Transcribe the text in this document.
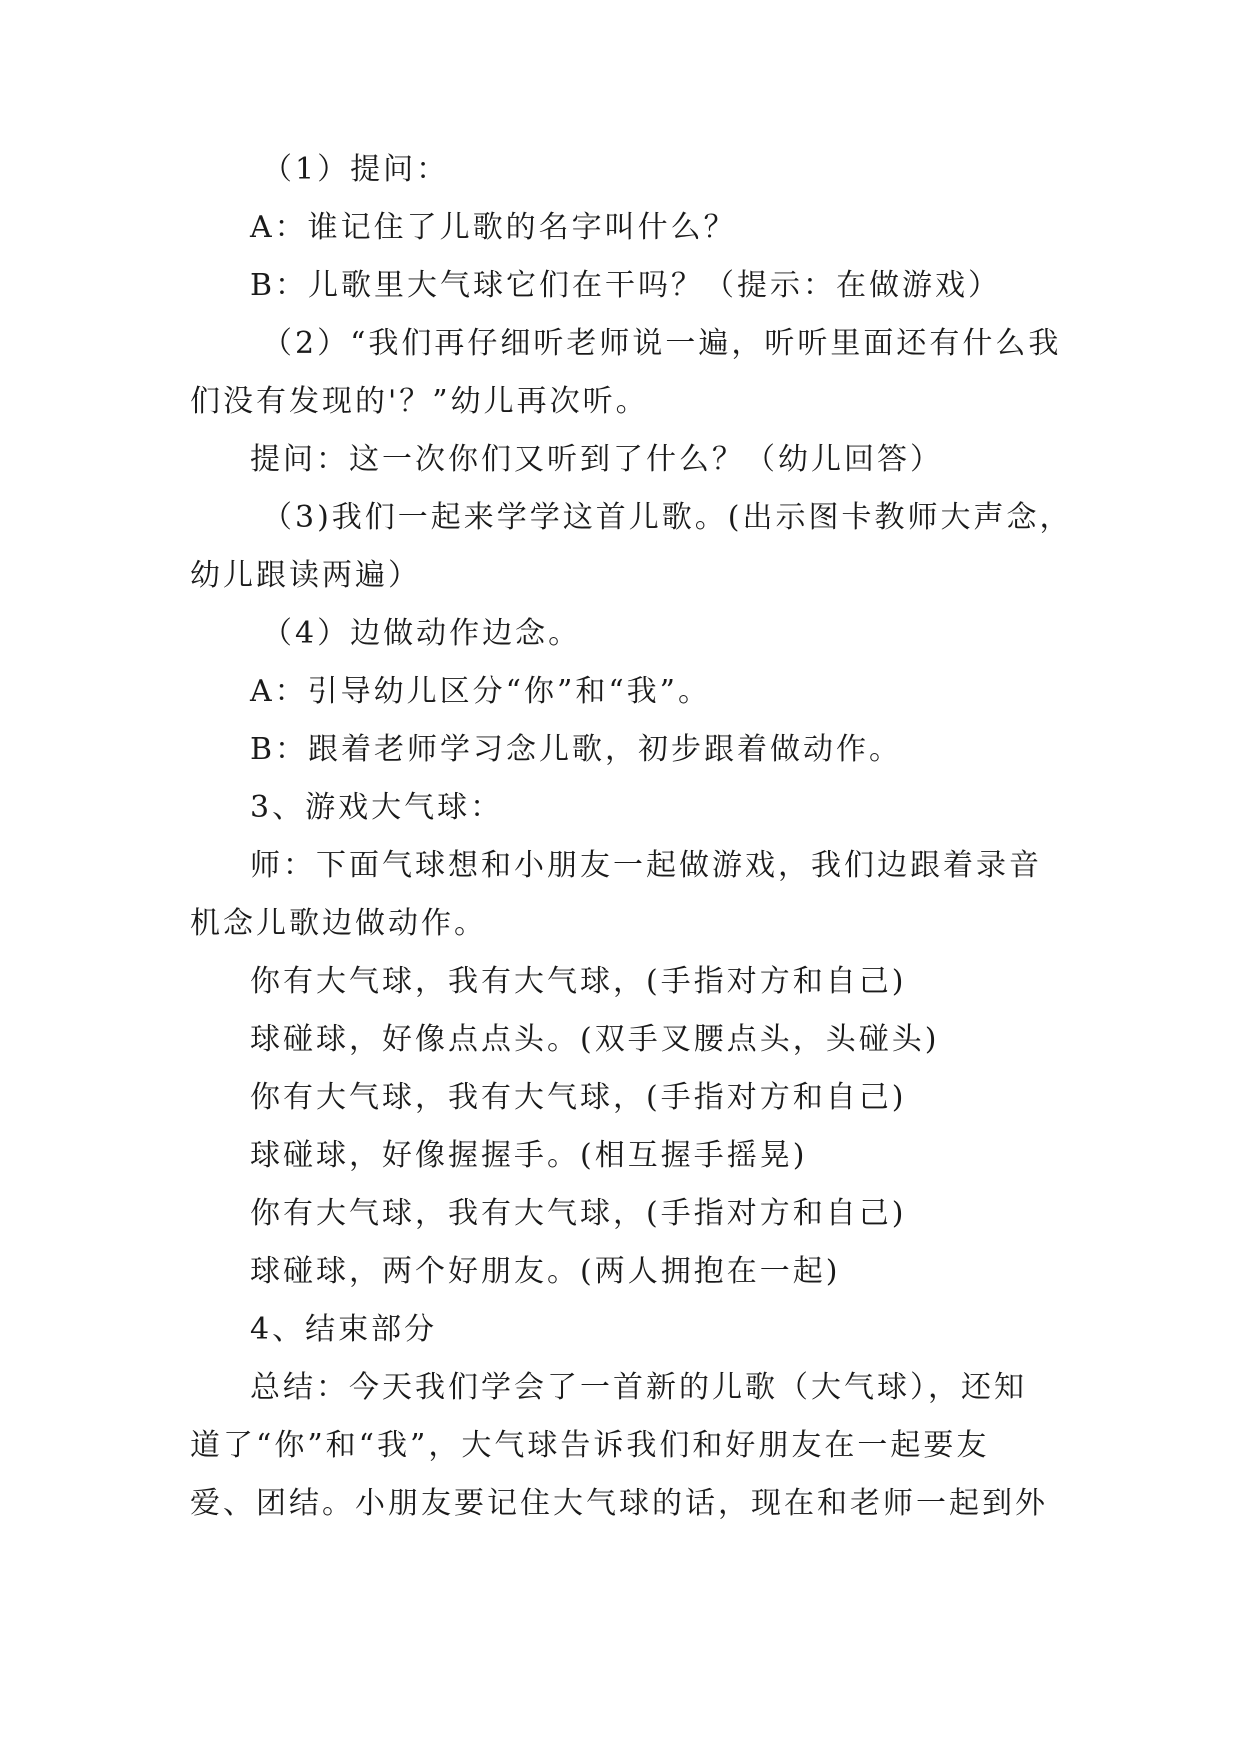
（1）提问：
A：谁记住了儿歌的名字叫什么？
B：儿歌里大气球它们在干吗？（提示：在做游戏）
（2）“我们再仔细听老师说一遍，听听里面还有什么我
们没有发现的'？”幼儿再次听。
提问：这一次你们又听到了什么？（幼儿回答）
（3)我们一起来学学这首儿歌。(出示图卡教师大声念，
幼儿跟读两遍）
（4）边做动作边念。
A：引导幼儿区分“你”和“我”。
B：跟着老师学习念儿歌，初步跟着做动作。
3、游戏大气球：
师：下面气球想和小朋友一起做游戏，我们边跟着录音
机念儿歌边做动作。
你有大气球，我有大气球，(手指对方和自己)
球碰球，好像点点头。(双手叉腰点头，头碰头)
你有大气球，我有大气球，(手指对方和自己)
球碰球，好像握握手。(相互握手摇晃)
你有大气球，我有大气球，(手指对方和自己)
球碰球，两个好朋友。(两人拥抱在一起)
4、结束部分
总结：今天我们学会了一首新的儿歌（大气球），还知
道了“你”和“我”，大气球告诉我们和好朋友在一起要友
爱、团结。小朋友要记住大气球的话，现在和老师一起到外
